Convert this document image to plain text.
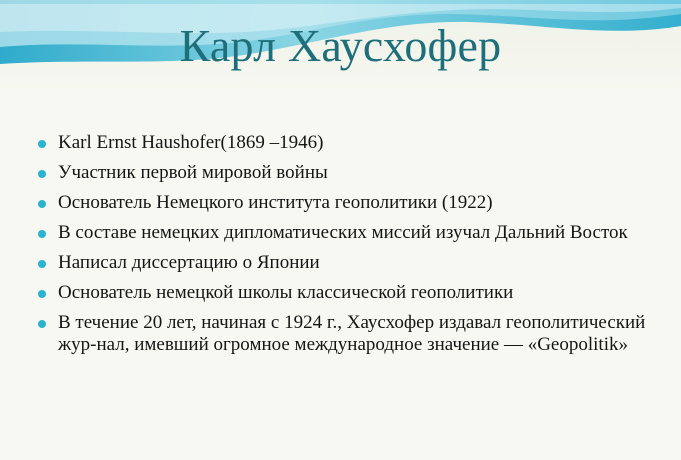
Карл Хаусхофер
Karl Ernst Haushofer(1869 –1946)
Участник первой мировой войны
Основатель Немецкого института геополитики (1922)
В составе немецких дипломатических миссий изучал Дальний Восток
Написал диссертацию о Японии
Основатель немецкой школы классической геополитики
В течение 20 лет, начиная с 1924 г., Хаусхофер издавал геополитический жур-нал, имевший огромное международное значение — «Geopolitik»
